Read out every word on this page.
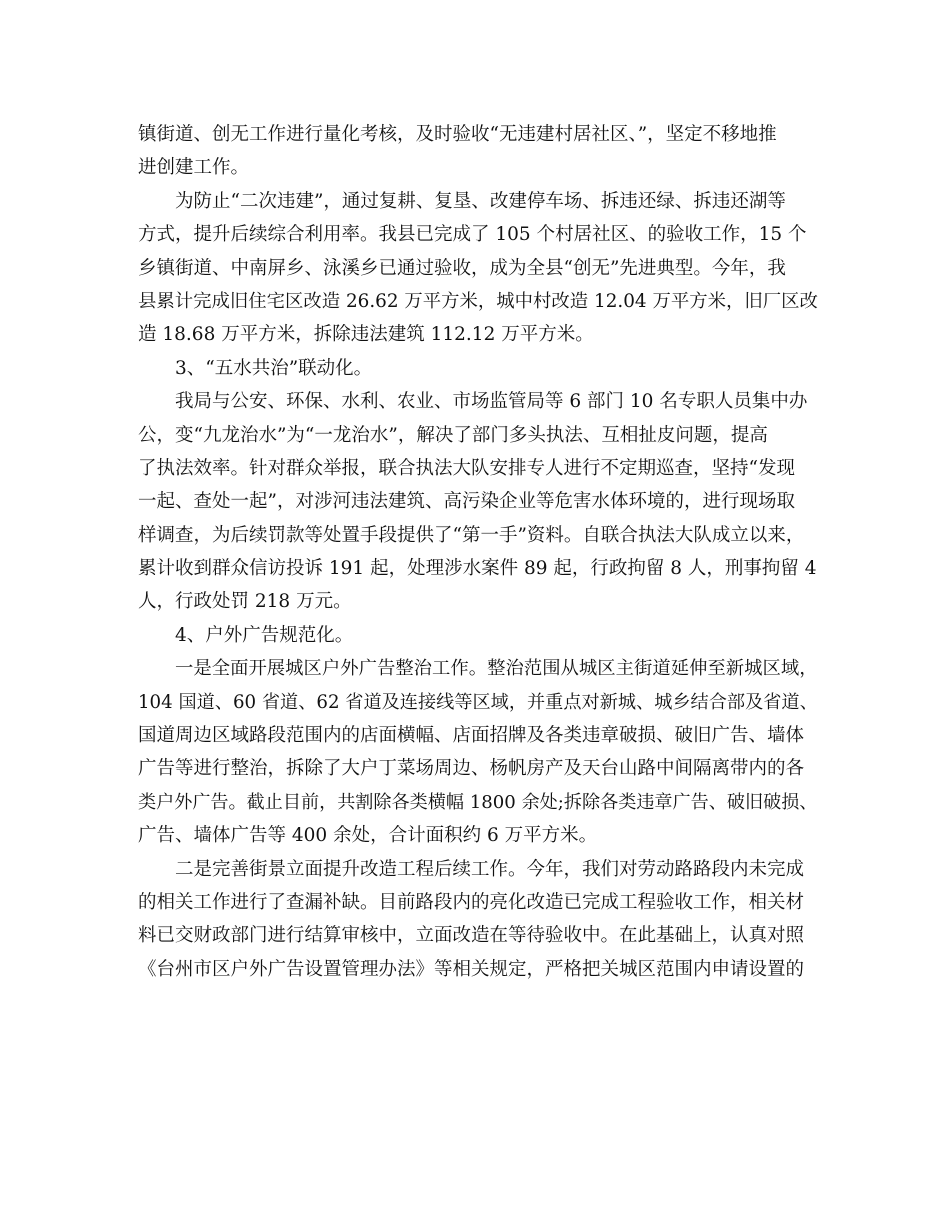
镇街道、创无工作进行量化考核，及时验收“无违建村居社区、”，坚定不移地推
进创建工作。
为防止“二次违建”，通过复耕、复垦、改建停车场、拆违还绿、拆违还湖等
方式，提升后续综合利用率。我县已完成了 105 个村居社区、的验收工作，15 个
乡镇街道、中南屏乡、泳溪乡已通过验收，成为全县“创无”先进典型。今年，我
县累计完成旧住宅区改造 26.62 万平方米，城中村改造 12.04 万平方米，旧厂区改
造 18.68 万平方米，拆除违法建筑 112.12 万平方米。
3、“五水共治”联动化。
我局与公安、环保、水利、农业、市场监管局等 6 部门 10 名专职人员集中办
公，变“九龙治水”为“一龙治水”，解决了部门多头执法、互相扯皮问题，提高
了执法效率。针对群众举报，联合执法大队安排专人进行不定期巡查，坚持“发现
一起、查处一起”，对涉河违法建筑、高污染企业等危害水体环境的，进行现场取
样调查，为后续罚款等处置手段提供了“第一手”资料。自联合执法大队成立以来，
累计收到群众信访投诉 191 起，处理涉水案件 89 起，行政拘留 8 人，刑事拘留 4
人，行政处罚 218 万元。
4、户外广告规范化。
一是全面开展城区户外广告整治工作。整治范围从城区主街道延伸至新城区域，
104 国道、60 省道、62 省道及连接线等区域，并重点对新城、城乡结合部及省道、
国道周边区域路段范围内的店面横幅、店面招牌及各类违章破损、破旧广告、墙体
广告等进行整治，拆除了大户丁菜场周边、杨帆房产及天台山路中间隔离带内的各
类户外广告。截止目前，共割除各类横幅 1800 余处;拆除各类违章广告、破旧破损、
广告、墙体广告等 400 余处，合计面积约 6 万平方米。
二是完善街景立面提升改造工程后续工作。今年，我们对劳动路路段内未完成
的相关工作进行了查漏补缺。目前路段内的亮化改造已完成工程验收工作，相关材
料已交财政部门进行结算审核中，立面改造在等待验收中。在此基础上，认真对照
《台州市区户外广告设置管理办法》等相关规定，严格把关城区范围内申请设置的
